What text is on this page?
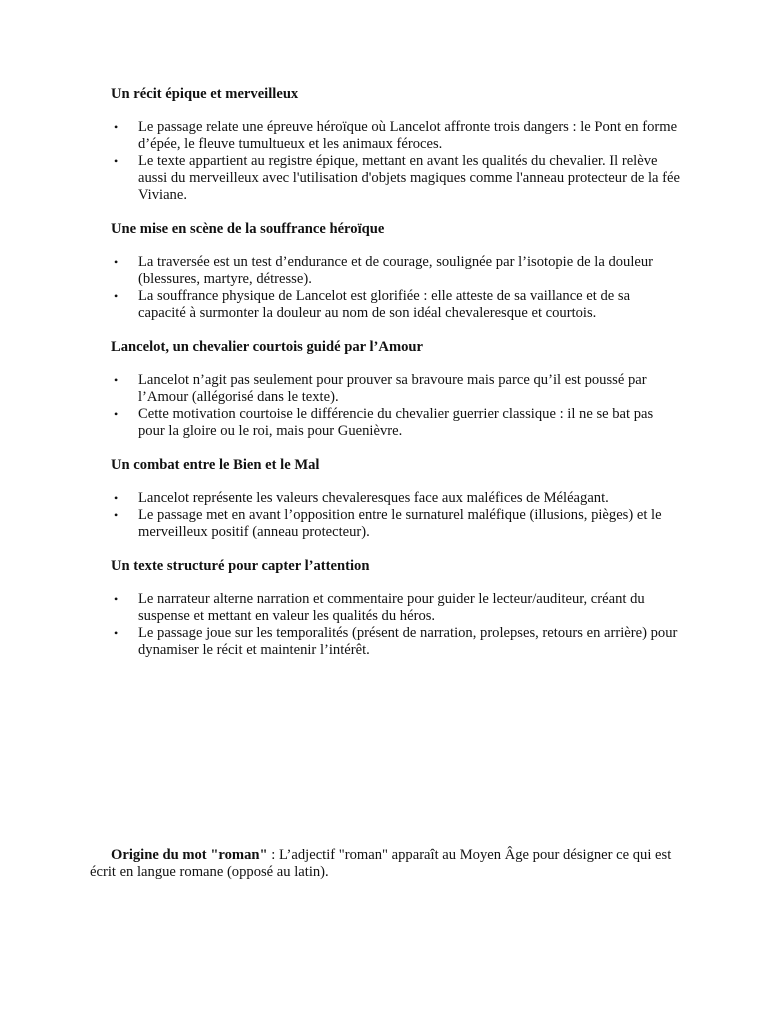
Un récit épique et merveilleux

• Le passage relate une épreuve héroïque où Lancelot affronte trois dangers : le Pont en forme d’épée, le fleuve tumultueux et les animaux féroces.
• Le texte appartient au registre épique, mettant en avant les qualités du chevalier. Il relève aussi du merveilleux avec l'utilisation d'objets magiques comme l'anneau protecteur de la fée Viviane.

Une mise en scène de la souffrance héroïque

• La traversée est un test d’endurance et de courage, soulignée par l’isotopie de la douleur (blessures, martyre, détresse).
• La souffrance physique de Lancelot est glorifiée : elle atteste de sa vaillance et de sa capacité à surmonter la douleur au nom de son idéal chevaleresque et courtois.

Lancelot, un chevalier courtois guidé par l’Amour

• Lancelot n’agit pas seulement pour prouver sa bravoure mais parce qu’il est poussé par l’Amour (allégorisé dans le texte).
• Cette motivation courtoise le différencie du chevalier guerrier classique : il ne se bat pas pour la gloire ou le roi, mais pour Guenièvre.

Un combat entre le Bien et le Mal

• Lancelot représente les valeurs chevaleresques face aux maléfices de Méléagant.
• Le passage met en avant l’opposition entre le surnaturel maléfique (illusions, pièges) et le merveilleux positif (anneau protecteur).

Un texte structuré pour capter l’attention

• Le narrateur alterne narration et commentaire pour guider le lecteur/auditeur, créant du suspense et mettant en valeur les qualités du héros.
• Le passage joue sur les temporalités (présent de narration, prolepses, retours en arrière) pour dynamiser le récit et maintenir l’intérêt.

Origine du mot "roman" : L’adjectif "roman" apparaît au Moyen Âge pour désigner ce qui est écrit en langue romane (opposé au latin).
